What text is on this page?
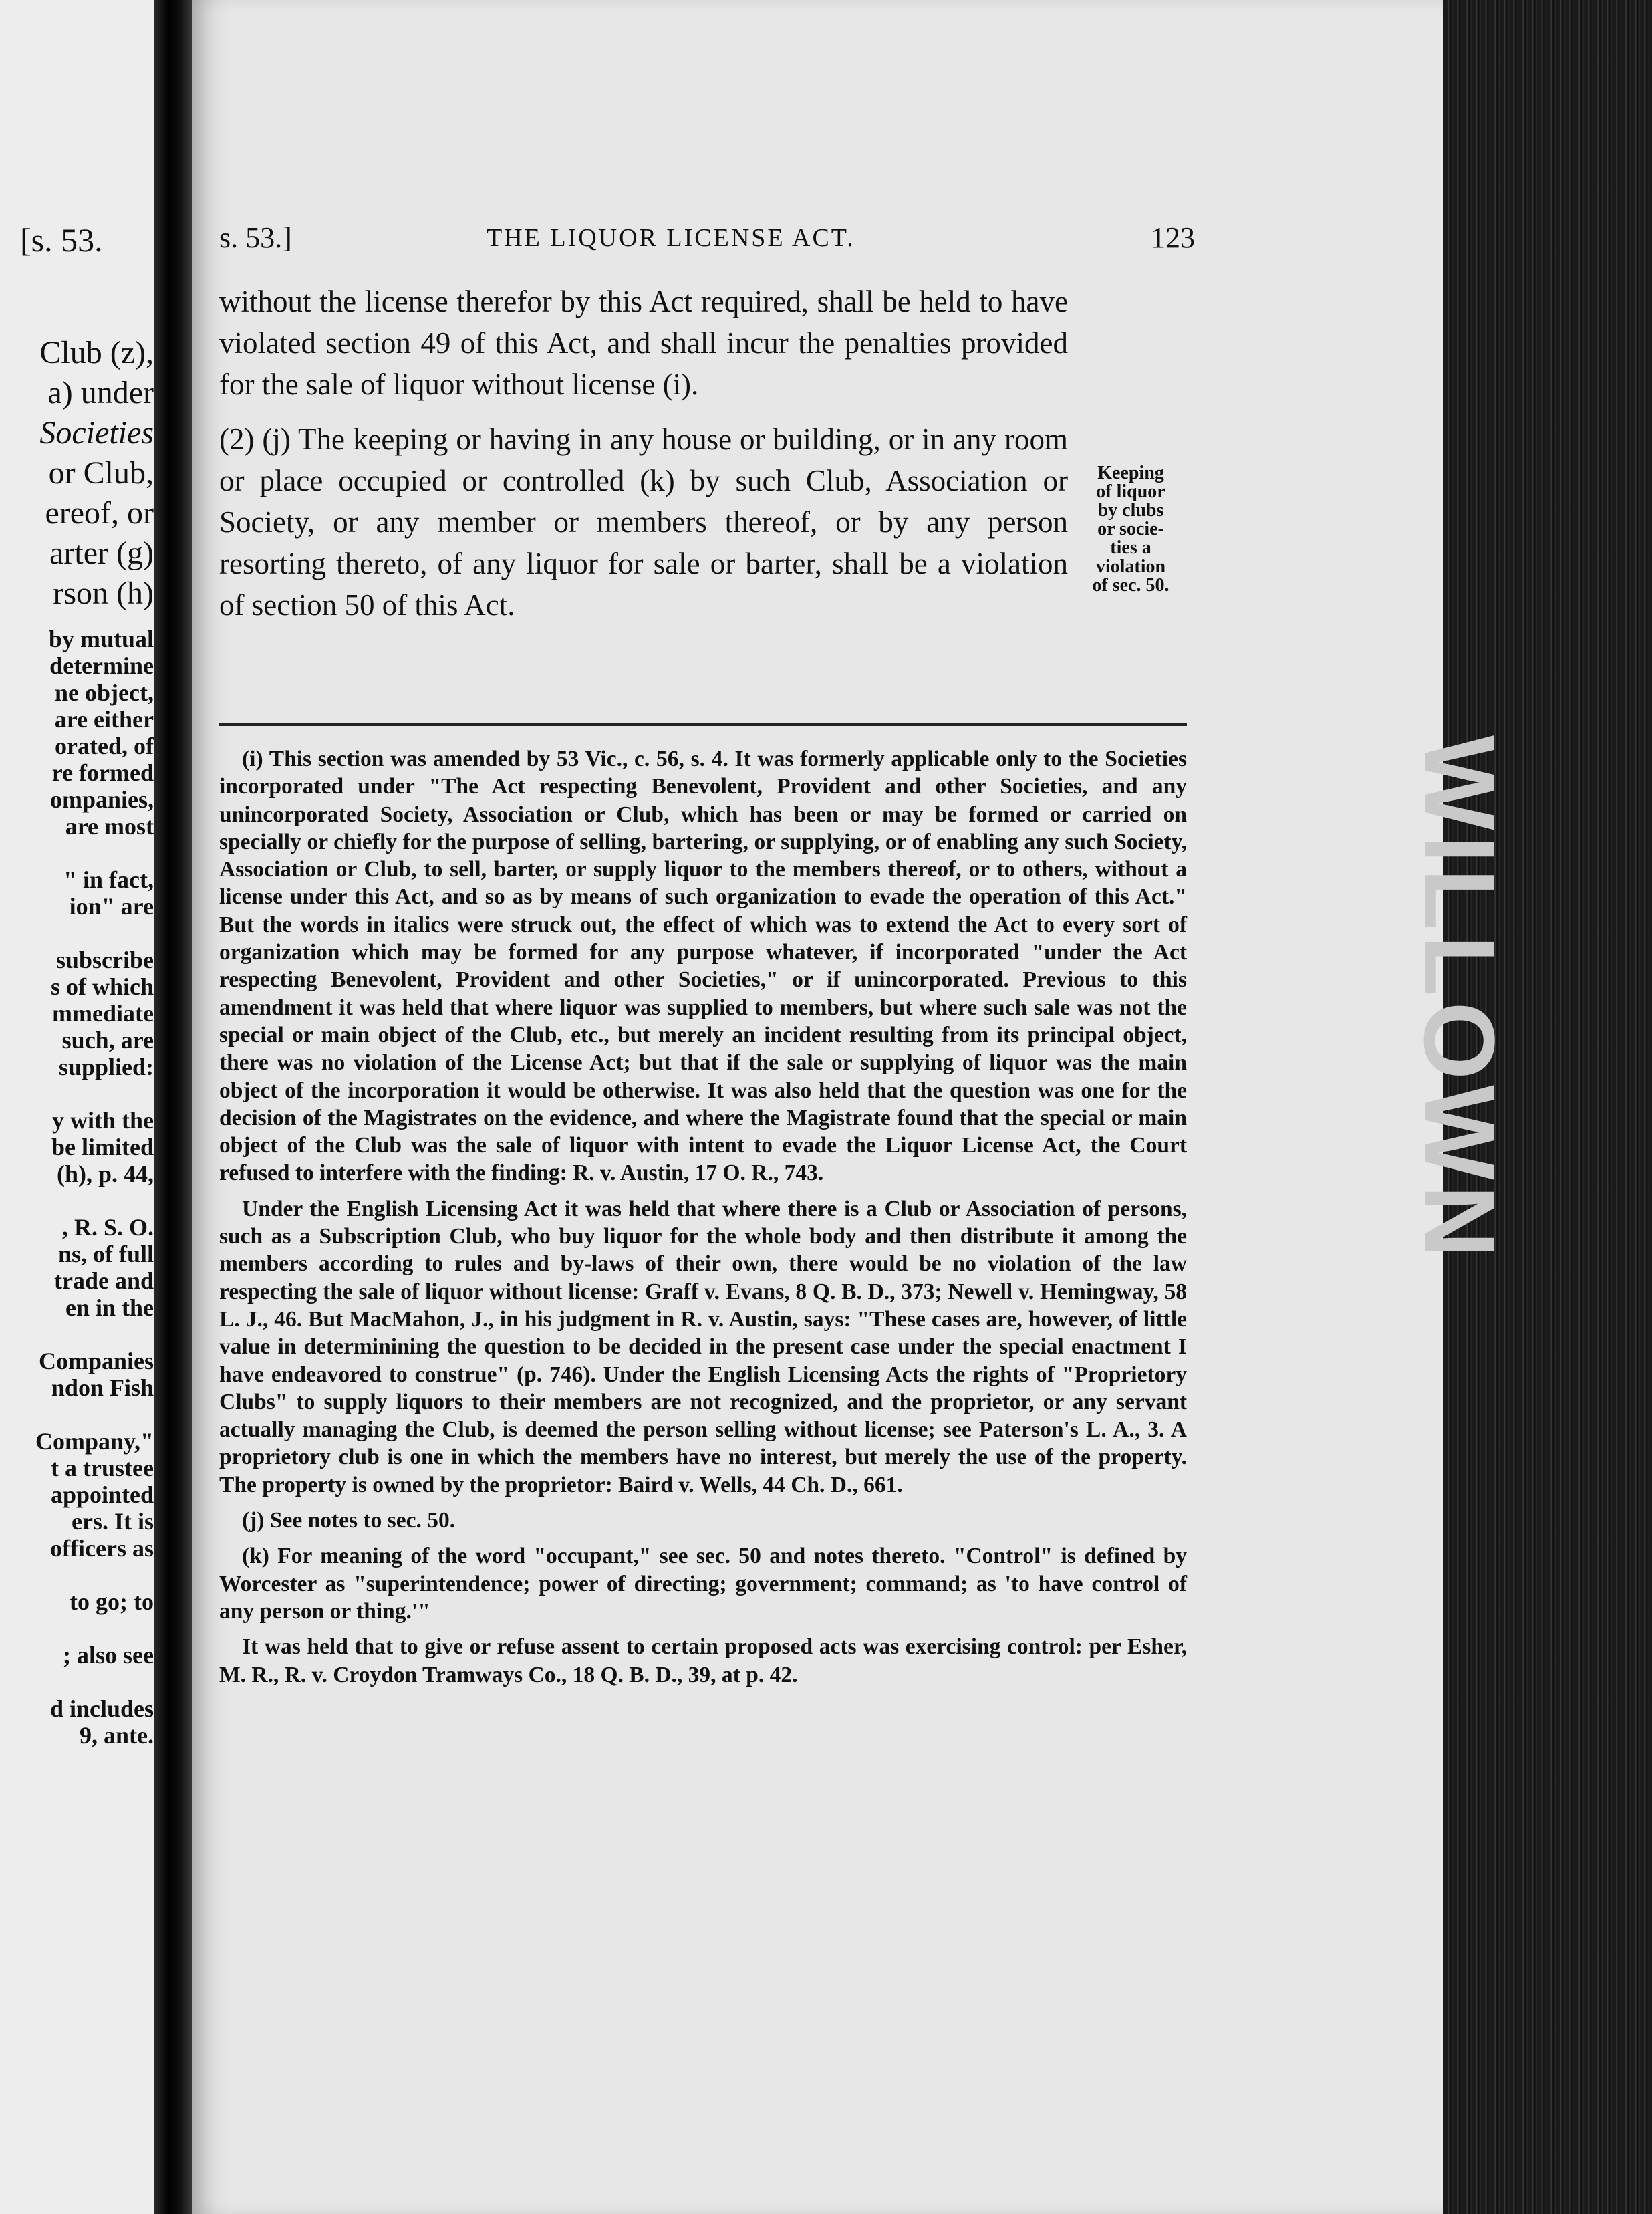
[s. 53.
Club (z),
a) under
Societies
or Club,
ereof, or
arter (g)
rson (h)
by mutual
determine
ne object,
are either
orated, of
re formed
ompanies,
are most
" in fact,
ion" are
subscribe
s of which
mmediate
such, are
supplied:
y with the
be limited
(h), p. 44,
, R. S. O.
ns, of full
trade and
en in the
Companies
ndon Fish
Company,"
t a trustee
appointed
ers. It is
officers as
to go; to
; also see
d includes
9, ante.
WILLOWN
s. 53.]	THE LIQUOR LICENSE ACT.	123

without the license therefor by this Act required, shall be held to have violated section 49 of this Act, and shall incur the penalties provided for the sale of liquor without license (i).

(2) (j) The keeping or having in any house or building, or in any room or place occupied or controlled (k) by such Club, Association or Society, or any member or members thereof, or by any person resorting thereto, of any liquor for sale or barter, shall be a violation of section 50 of this Act.

Keeping
of liquor
by clubs
or socie-
ties a
violation
of sec. 50.

(i) This section was amended by 53 Vic., c. 56, s. 4. It was formerly applicable only to the Societies incorporated under "The Act respecting Benevolent, Provident and other Societies, and any unincorporated Society, Association or Club, which has been or may be formed or carried on specially or chiefly for the purpose of selling, bartering, or supplying, or of enabling any such Society, Association or Club, to sell, barter, or supply liquor to the members thereof, or to others, without a license under this Act, and so as by means of such organization to evade the operation of this Act." But the words in italics were struck out, the effect of which was to extend the Act to every sort of organization which may be formed for any purpose whatever, if incorporated "under the Act respecting Benevolent, Provident and other Societies," or if unincorporated. Previous to this amendment it was held that where liquor was supplied to members, but where such sale was not the special or main object of the Club, etc., but merely an incident resulting from its principal object, there was no violation of the License Act; but that if the sale or supplying of liquor was the main object of the incorporation it would be otherwise. It was also held that the question was one for the decision of the Magistrates on the evidence, and where the Magistrate found that the special or main object of the Club was the sale of liquor with intent to evade the Liquor License Act, the Court refused to interfere with the finding: R. v. Austin, 17 O. R., 743.

Under the English Licensing Act it was held that where there is a Club or Association of persons, such as a Subscription Club, who buy liquor for the whole body and then distribute it among the members according to rules and by-laws of their own, there would be no violation of the law respecting the sale of liquor without license: Graff v. Evans, 8 Q. B. D., 373; Newell v. Hemingway, 58 L. J., 46. But MacMahon, J., in his judgment in R. v. Austin, says: "These cases are, however, of little value in determinining the question to be decided in the present case under the special enactment I have endeavored to construe" (p. 746). Under the English Licensing Acts the rights of "Proprietory Clubs" to supply liquors to their members are not recognized, and the proprietor, or any servant actually managing the Club, is deemed the person selling without license; see Paterson's L. A., 3. A proprietory club is one in which the members have no interest, but merely the use of the property. The property is owned by the proprietor: Baird v. Wells, 44 Ch. D., 661.

(j) See notes to sec. 50.

(k) For meaning of the word "occupant," see sec. 50 and notes thereto. "Control" is defined by Worcester as "superintendence; power of directing; government; command; as 'to have control of any person or thing.'"

It was held that to give or refuse assent to certain proposed acts was exercising control: per Esher, M. R., R. v. Croydon Tramways Co., 18 Q. B. D., 39, at p. 42.
